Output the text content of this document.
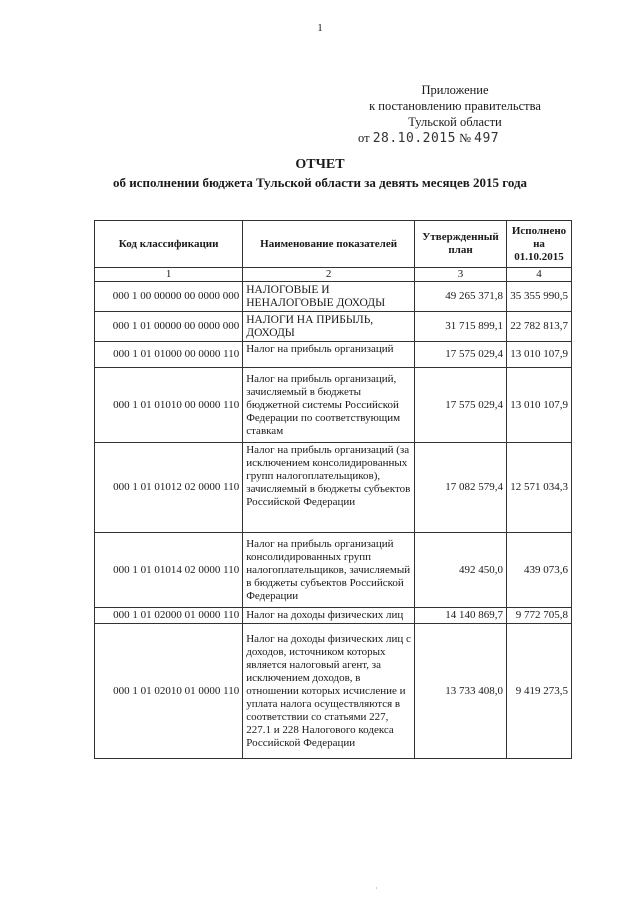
1
Приложение
к постановлению правительства
Тульской области
от 28.10.2015 № 497
ОТЧЕТ
об исполнении бюджета Тульской области за девять месяцев 2015 года
Код классификации	Наименование показателей	Утвержденный план	Исполнено на 01.10.2015
1	2	3	4
000 1 00 00000 00 0000 000	НАЛОГОВЫЕ И НЕНАЛОГОВЫЕ ДОХОДЫ	49 265 371,8	35 355 990,5
000 1 01 00000 00 0000 000	НАЛОГИ НА ПРИБЫЛЬ, ДОХОДЫ	31 715 899,1	22 782 813,7
000 1 01 01000 00 0000 110	Налог на прибыль организаций	17 575 029,4	13 010 107,9
000 1 01 01010 00 0000 110	Налог на прибыль организаций, зачисляемый в бюджеты бюджетной системы Российской Федерации по соответствующим ставкам	17 575 029,4	13 010 107,9
000 1 01 01012 02 0000 110	Налог на прибыль организаций (за исключением консолидированных групп налогоплательщиков), зачисляемый в бюджеты субъектов Российской Федерации	17 082 579,4	12 571 034,3
000 1 01 01014 02 0000 110	Налог на прибыль организаций консолидированных групп налогоплательщиков, зачисляемый в бюджеты субъектов Российской Федерации	492 450,0	439 073,6
000 1 01 02000 01 0000 110	Налог на доходы физических лиц	14 140 869,7	9 772 705,8
000 1 01 02010 01 0000 110	Налог на доходы физических лиц с доходов, источником которых является налоговый агент, за исключением доходов, в отношении которых исчисление и уплата налога осуществляются в соответствии со статьями 227, 227.1 и 228 Налогового кодекса Российской Федерации	13 733 408,0	9 419 273,5
·
